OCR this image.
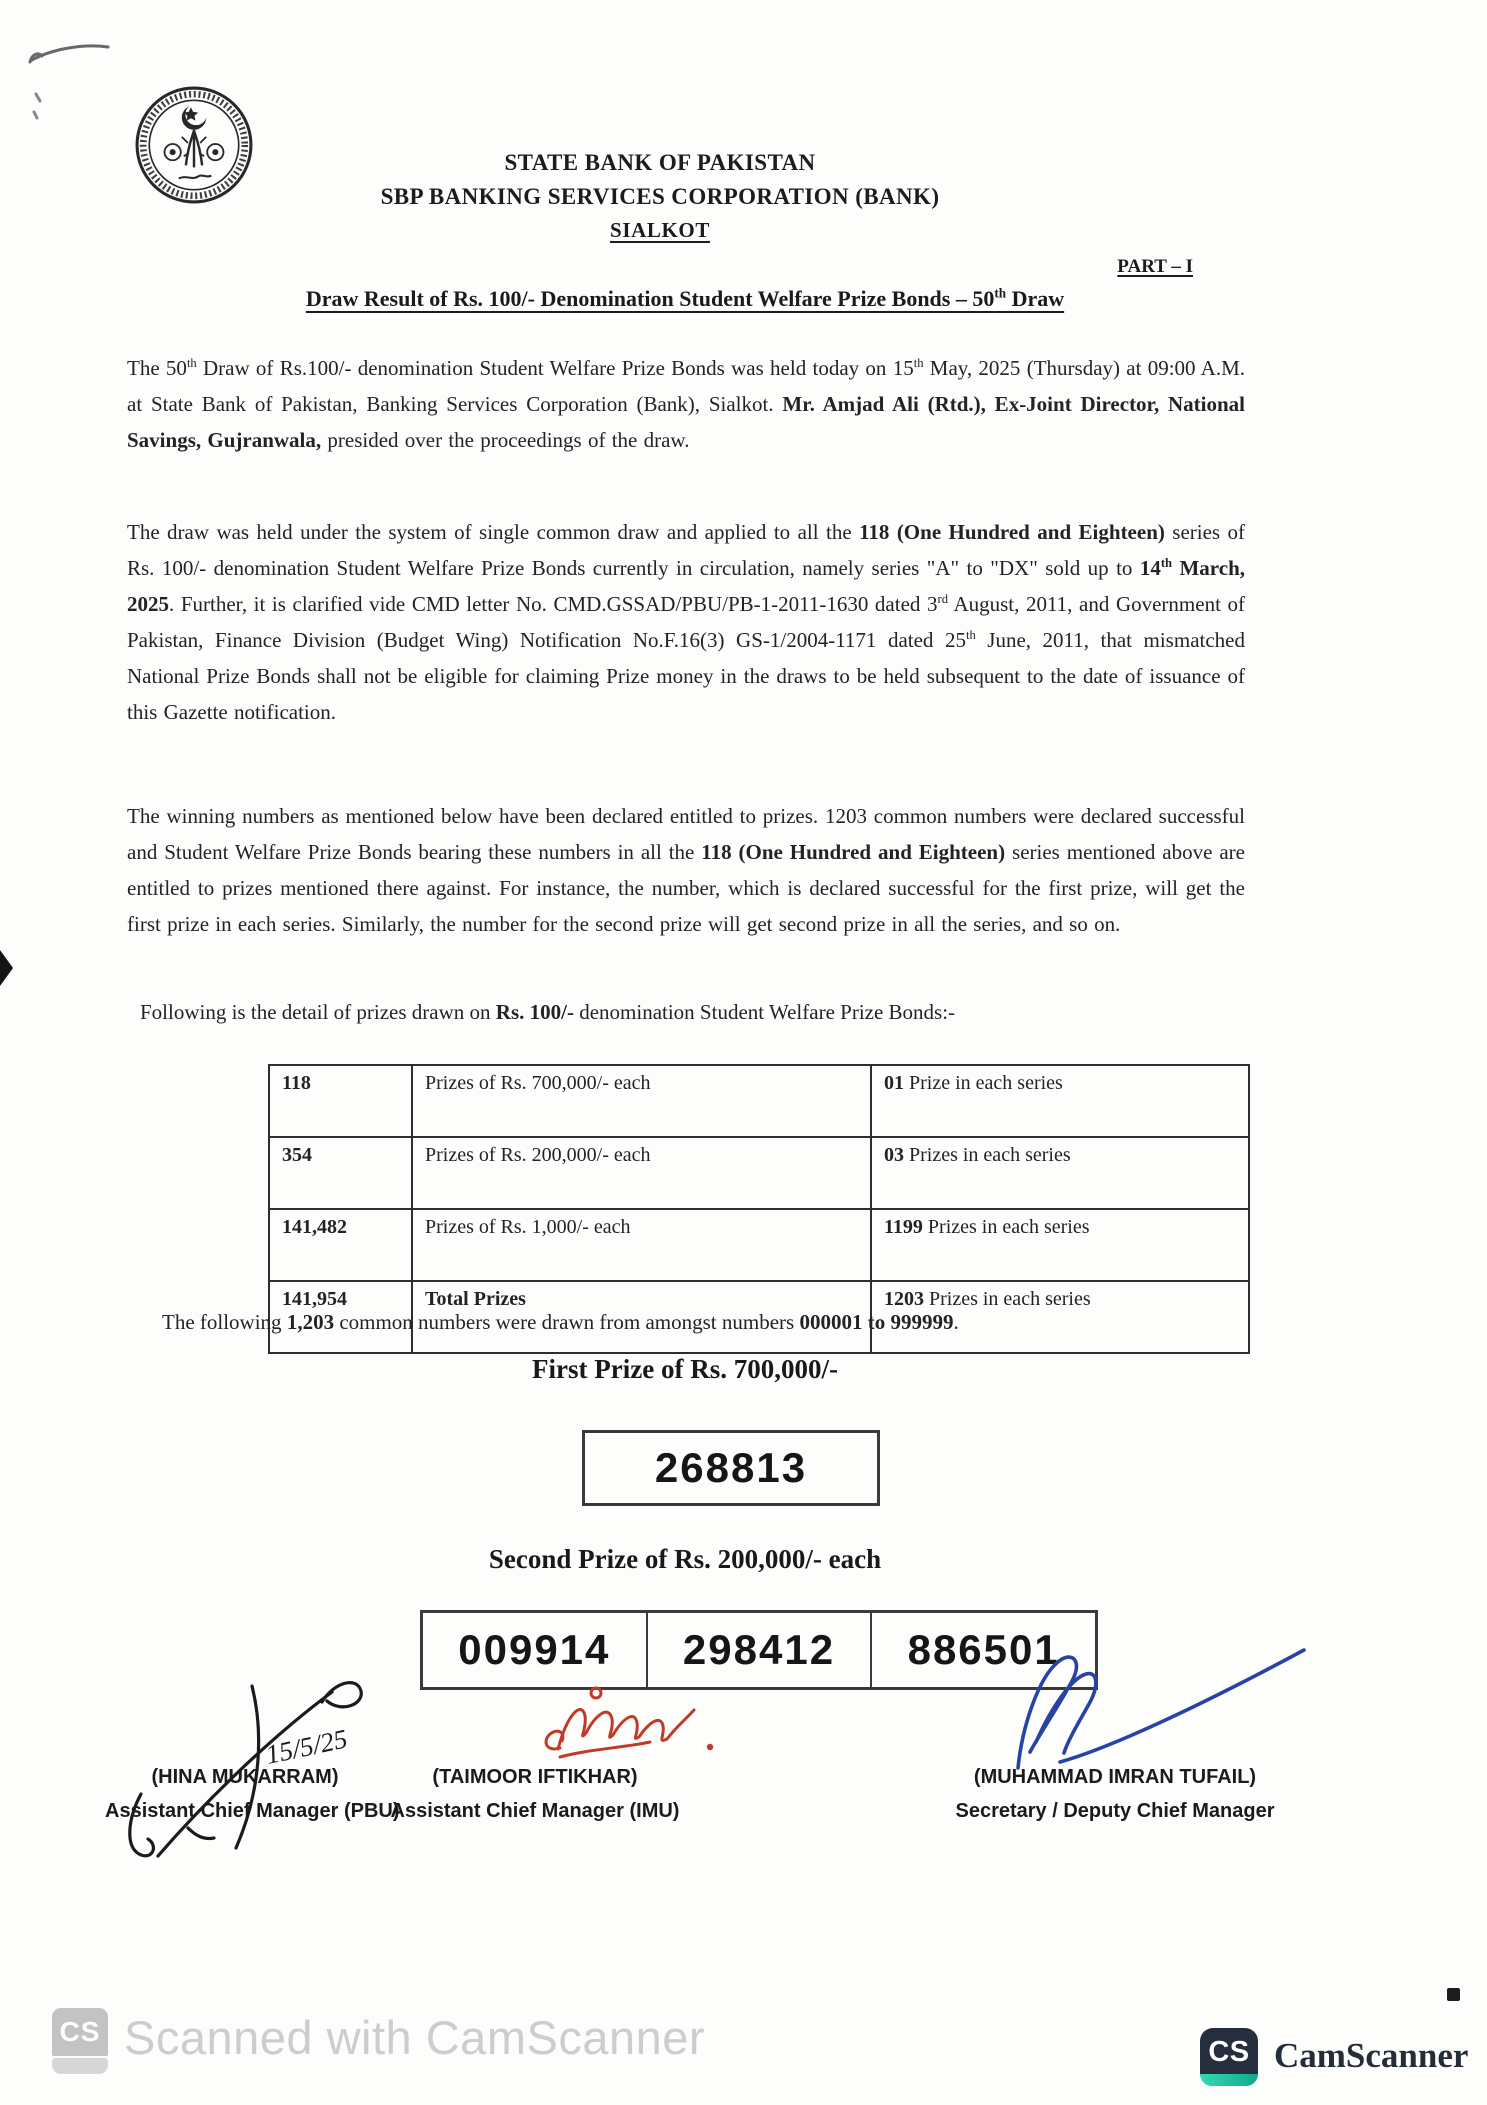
STATE BANK OF PAKISTAN
SBP BANKING SERVICES CORPORATION (BANK)
SIALKOT
PART – I
Draw Result of Rs. 100/- Denomination Student Welfare Prize Bonds – 50th Draw
The 50th Draw of Rs.100/- denomination Student Welfare Prize Bonds was held today on 15th May, 2025 (Thursday) at 09:00 A.M. at State Bank of Pakistan, Banking Services Corporation (Bank), Sialkot. Mr. Amjad Ali (Rtd.), Ex-Joint Director, National Savings, Gujranwala, presided over the proceedings of the draw.
The draw was held under the system of single common draw and applied to all the 118 (One Hundred and Eighteen) series of Rs. 100/- denomination Student Welfare Prize Bonds currently in circulation, namely series "A" to "DX" sold up to 14th March, 2025. Further, it is clarified vide CMD letter No. CMD.GSSAD/PBU/PB-1-2011-1630 dated 3rd August, 2011, and Government of Pakistan, Finance Division (Budget Wing) Notification No.F.16(3) GS-1/2004-1171 dated 25th June, 2011, that mismatched National Prize Bonds shall not be eligible for claiming Prize money in the draws to be held subsequent to the date of issuance of this Gazette notification.
The winning numbers as mentioned below have been declared entitled to prizes. 1203 common numbers were declared successful and Student Welfare Prize Bonds bearing these numbers in all the 118 (One Hundred and Eighteen) series mentioned above are entitled to prizes mentioned there against. For instance, the number, which is declared successful for the first prize, will get the first prize in each series. Similarly, the number for the second prize will get second prize in all the series, and so on.
Following is the detail of prizes drawn on Rs. 100/- denomination Student Welfare Prize Bonds:-
118	Prizes of Rs. 700,000/- each	01 Prize in each series
354	Prizes of Rs. 200,000/- each	03 Prizes in each series
141,482	Prizes of Rs. 1,000/- each	1199 Prizes in each series
141,954	Total Prizes	1203 Prizes in each series
The following 1,203 common numbers were drawn from amongst numbers 000001 to 999999.
First Prize of Rs. 700,000/-
268813
Second Prize of Rs. 200,000/- each
009914 298412 886501
15/5/25
(HINA MUKARRAM)
Assistant Chief Manager (PBU)
(TAIMOOR IFTIKHAR)
Assistant Chief Manager (IMU)
(MUHAMMAD IMRAN TUFAIL)
Secretary / Deputy Chief Manager
CS Scanned with CamScanner	CS CamScanner
